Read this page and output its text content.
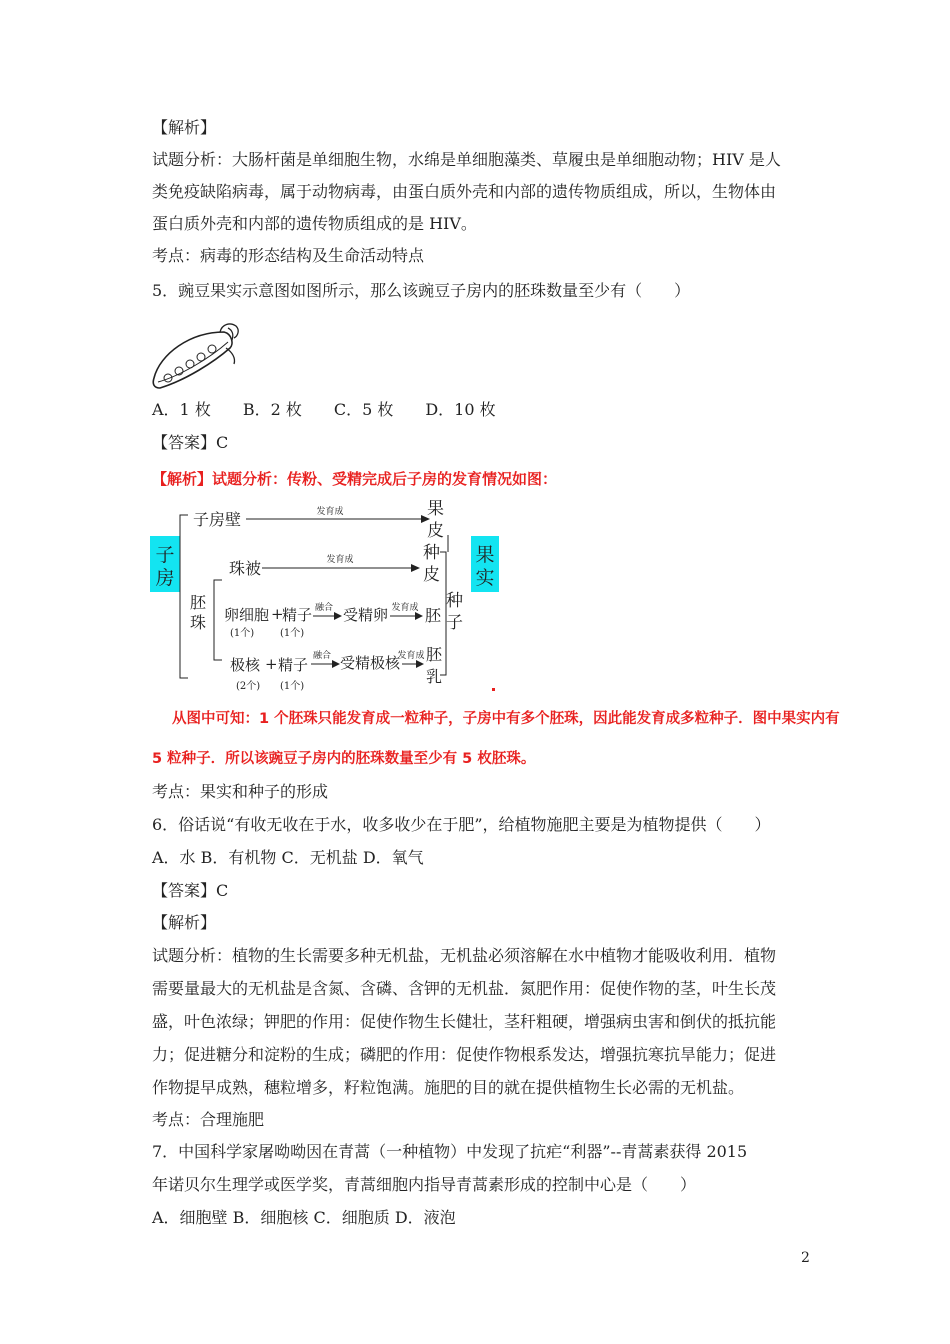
【解析】
试题分析：大肠杆菌是单细胞生物，水绵是单细胞藻类、草履虫是单细胞动物；HIV 是人
类免疫缺陷病毒，属于动物病毒，由蛋白质外壳和内部的遗传物质组成，所以，生物体由
蛋白质外壳和内部的遗传物质组成的是 HIV。
考点：病毒的形态结构及生命活动特点
5．豌豆果实示意图如图所示，那么该豌豆子房内的胚珠数量至少有（　　）
A．1 枚　　B．2 枚　　C．5 枚　　D．10 枚
【答案】C
【解析】试题分析：传粉、受精完成后子房的发育情况如图：
子
房
果
实
子房壁	发育成	果
皮
珠被	发育成	种
皮
种
子
胚
珠 卵细胞 +
精子
(1个)	(1个)
融合 受精卵 发育成 胚
极核 + 精子
(2个) (1个)
融合 受精极核
发育成 胚
乳
从图中可知：1 个胚珠只能发育成一粒种子，子房中有多个胚珠，因此能发育成多粒种子．图中果实内有
5 粒种子．所以该豌豆子房内的胚珠数量至少有 5 枚胚珠。
考点：果实和种子的形成
6．俗话说“有收无收在于水，收多收少在于肥”，给植物施肥主要是为植物提供（　　）
A．水 B．有机物 C．无机盐 D．氧气
【答案】C
【解析】
试题分析：植物的生长需要多种无机盐，无机盐必须溶解在水中植物才能吸收利用．植物
需要量最大的无机盐是含氮、含磷、含钾的无机盐．氮肥作用：促使作物的茎，叶生长茂
盛，叶色浓绿；钾肥的作用：促使作物生长健壮，茎秆粗硬，增强病虫害和倒伏的抵抗能
力；促进糖分和淀粉的生成；磷肥的作用：促使作物根系发达，增强抗寒抗旱能力；促进
作物提早成熟，穗粒增多，籽粒饱满。施肥的目的就在提供植物生长必需的无机盐。
考点：合理施肥
7．中国科学家屠呦呦因在青蒿（一种植物）中发现了抗疟“利器”--青蒿素获得 2015
年诺贝尔生理学或医学奖，青蒿细胞内指导青蒿素形成的控制中心是（　　）
A．细胞壁 B．细胞核 C．细胞质 D．液泡
2
